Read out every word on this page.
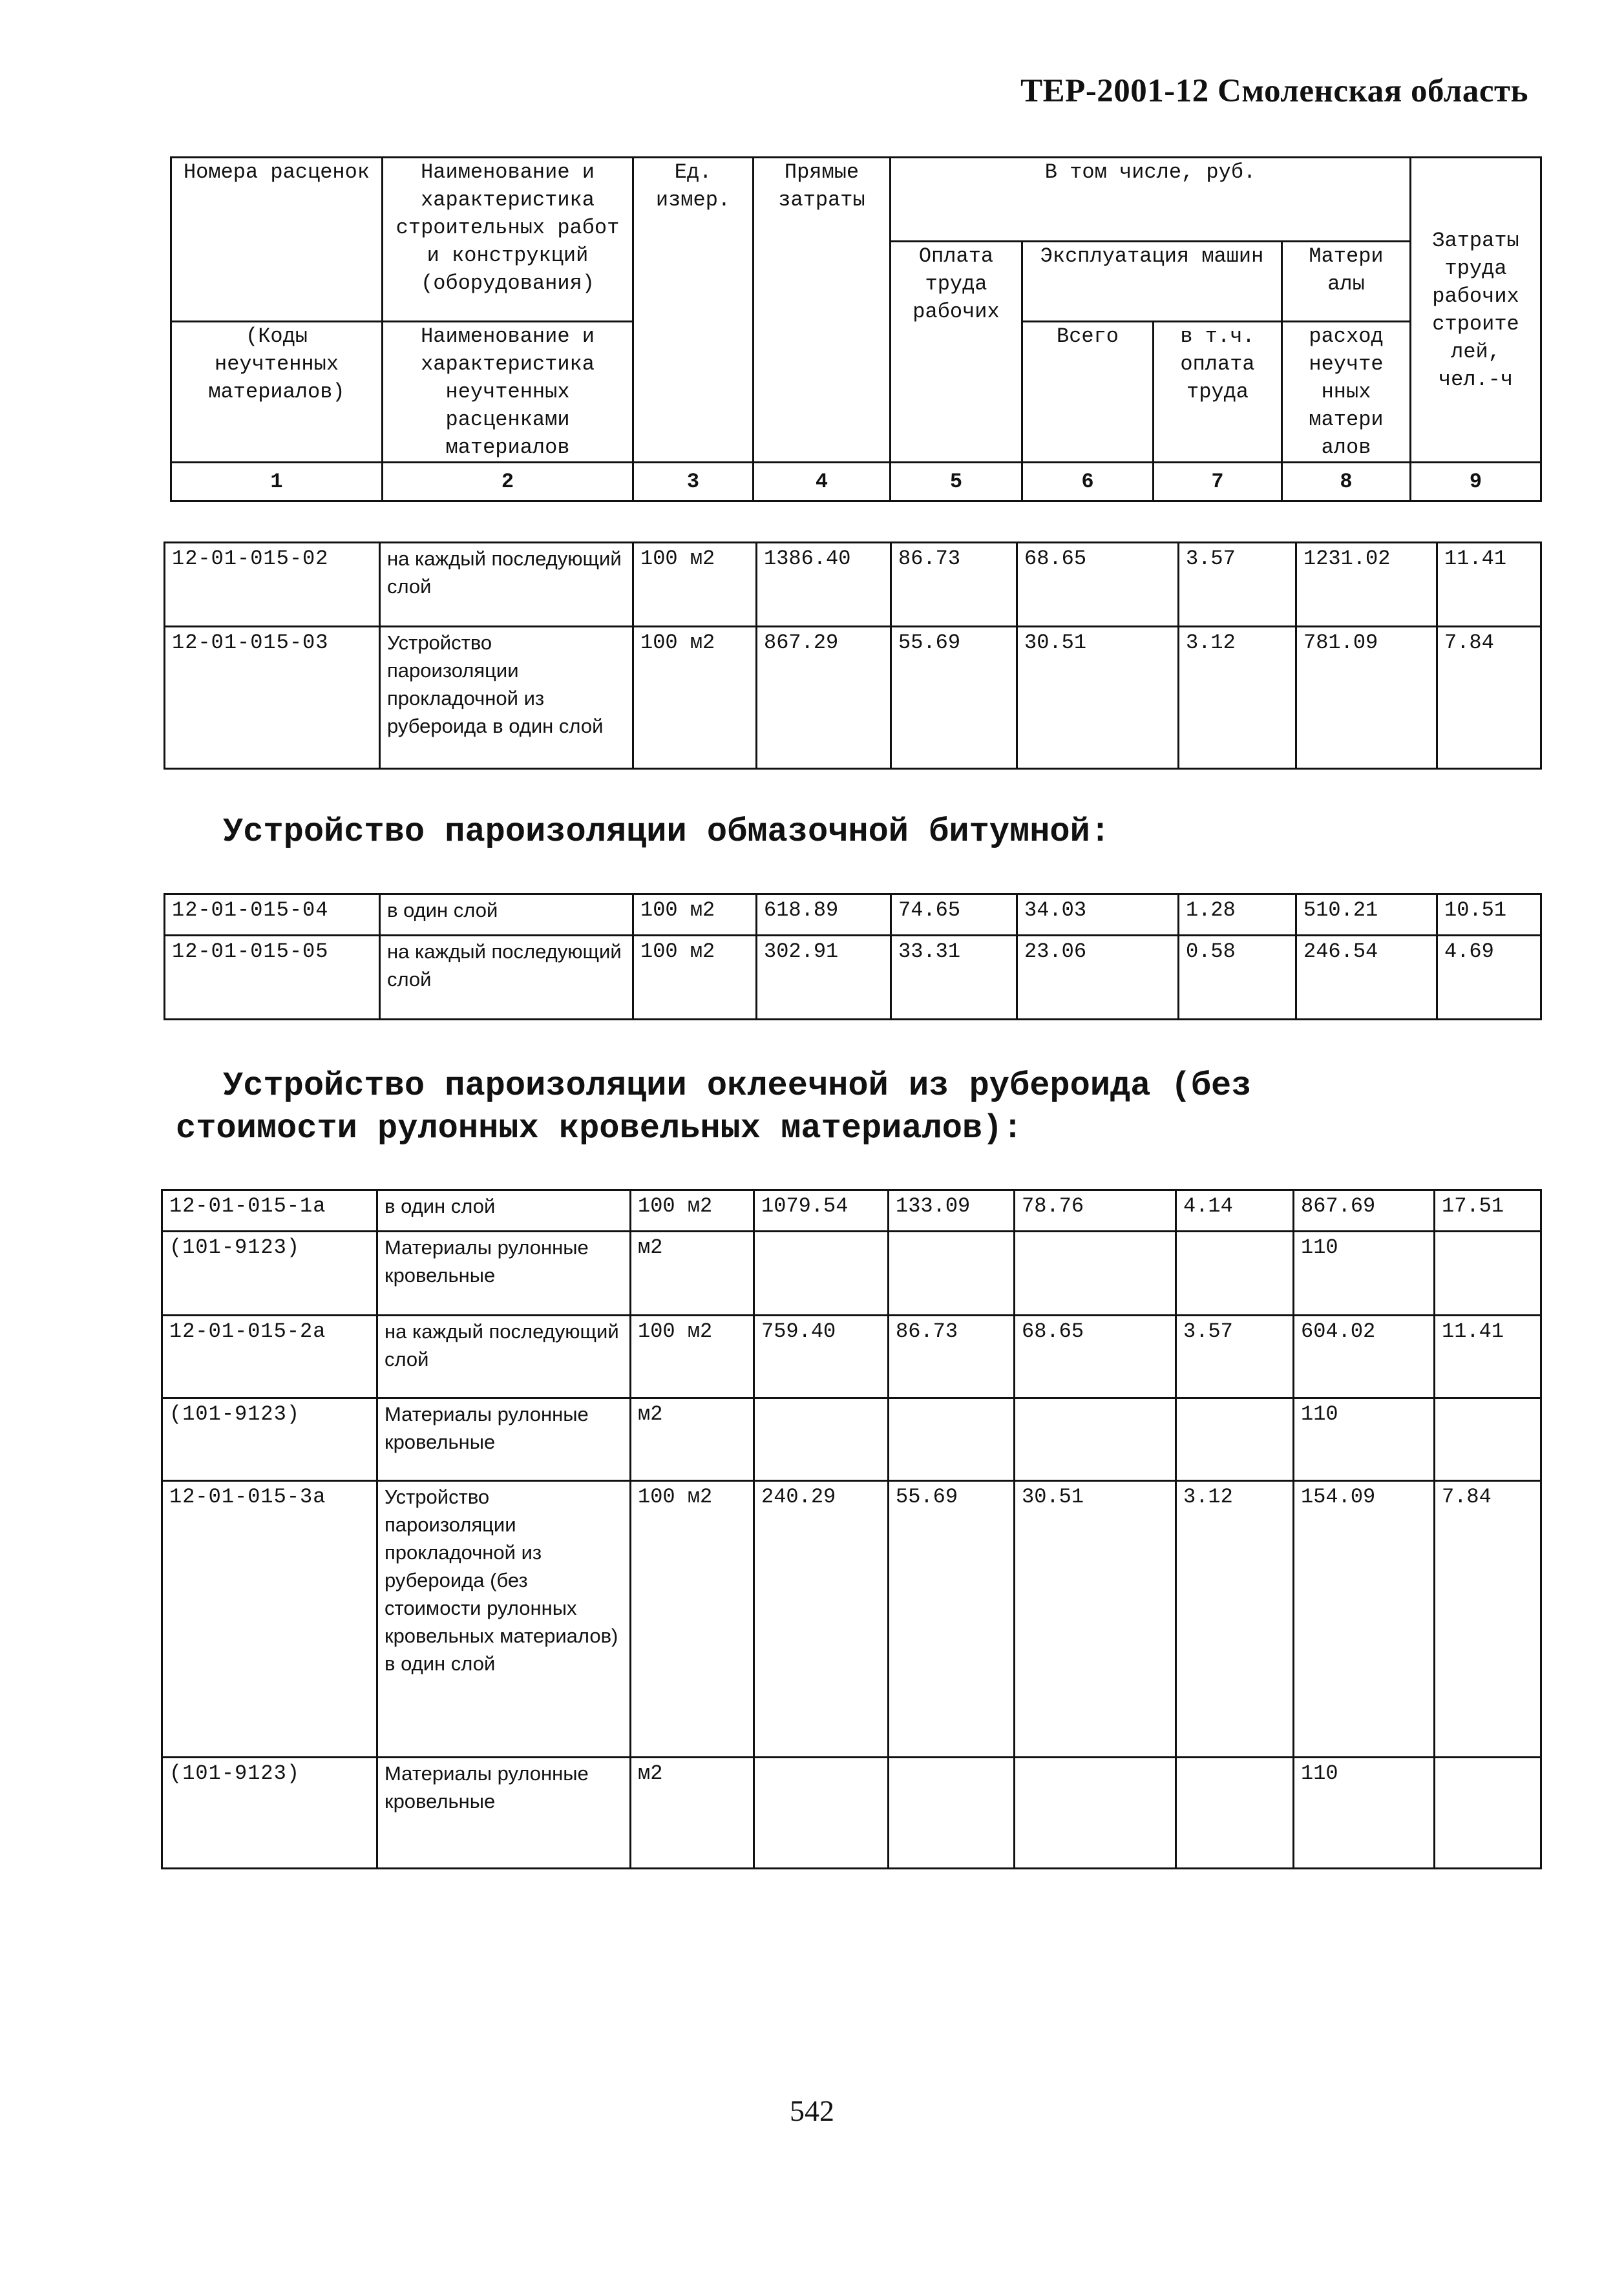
ТЕР-2001-12 Смоленская область
Номера расценок	Наименование и характеристика строительных работ и конструкций (оборудования)	Ед. измер.	Прямые затраты	В том числе, руб.				Затраты труда рабочих строите лей, чел.-ч
				Оплата труда рабочих	Эксплуатация машин		Матери алы	
(Коды неучтенных материалов)	Наименование и характеристика неучтенных расценками материалов				Всего	в т.ч. оплата труда	расход неучте нных матери алов	
1	2	3	4	5	6	7	8	9
12-01-015-02	на каждый последующий слой	100 м2	1386.40	86.73	68.65	3.57	1231.02	11.41
12-01-015-03	Устройство пароизоляции прокладочной из рубероида в один слой	100 м2	867.29	55.69	30.51	3.12	781.09	7.84
Устройство пароизоляции обмазочной битумной:
12-01-015-04	в один слой	100 м2	618.89	74.65	34.03	1.28	510.21	10.51
12-01-015-05	на каждый последующий слой	100 м2	302.91	33.31	23.06	0.58	246.54	4.69
Устройство пароизоляции оклеечной из рубероида (без
стоимости рулонных кровельных материалов):
12-01-015-1а	в один слой	100 м2	1079.54	133.09	78.76	4.14	867.69	17.51
(101-9123)	Материалы рулонные кровельные	м2					110	
12-01-015-2а	на каждый последующий слой	100 м2	759.40	86.73	68.65	3.57	604.02	11.41
(101-9123)	Материалы рулонные кровельные	м2					110	
12-01-015-3а	Устройство пароизоляции прокладочной из рубероида (без стоимости рулонных кровельных материалов) в один слой	100 м2	240.29	55.69	30.51	3.12	154.09	7.84
(101-9123)	Материалы рулонные кровельные	м2					110	
542
